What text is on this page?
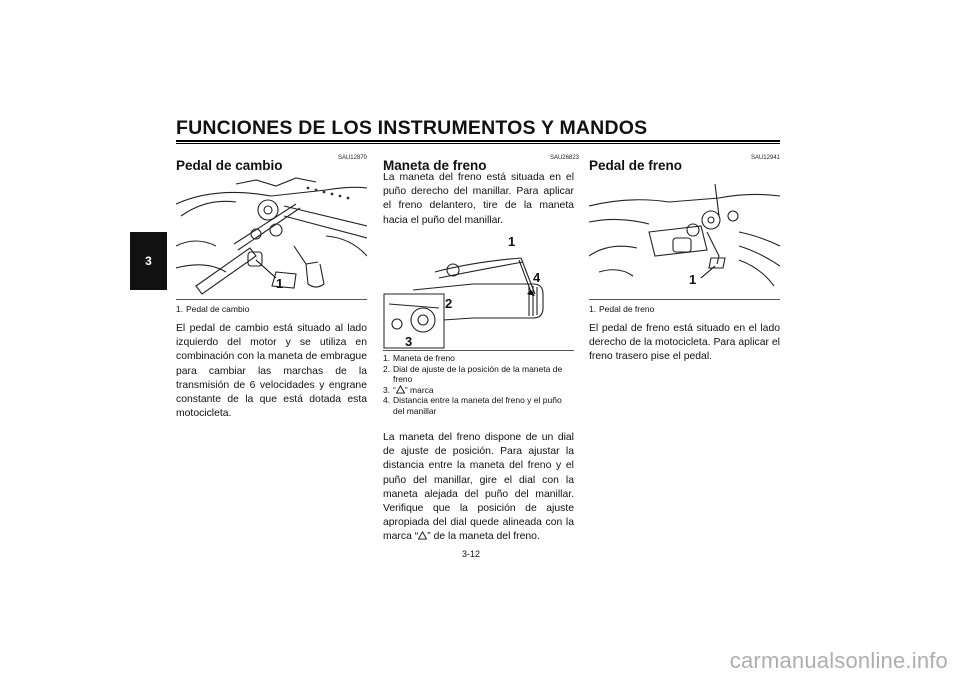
FUNCIONES DE LOS INSTRUMENTOS Y MANDOS
3
SAU12870
Pedal de cambio
1
1. Pedal de cambio
El pedal de cambio está situado al lado izquierdo del motor y se utiliza en combinación con la maneta de embrague para cambiar las marchas de la transmisión de 6 velocidades y engrane constante de la que está dotada esta motocicleta.
SAU26823
Maneta de freno
La maneta del freno está situada en el puño derecho del manillar. Para aplicar el freno delantero, tire de la maneta hacia el puño del manillar.
1
2
3
4
1. Maneta de freno
2. Dial de ajuste de la posición de la maneta de freno
3. “ ” marca
4. Distancia entre la maneta del freno y el puño del manillar
La maneta del freno dispone de un dial de ajuste de posición. Para ajustar la distancia entre la maneta del freno y el puño del manillar, gire el dial con la maneta alejada del puño del manillar. Verifique que la posición de ajuste apropiada del dial quede alineada con la marca “ ” de la maneta del freno.
SAU12941
Pedal de freno
1
1. Pedal de freno
El pedal de freno está situado en el lado derecho de la motocicleta. Para aplicar el freno trasero pise el pedal.
3-12
carmanualsonline.info
